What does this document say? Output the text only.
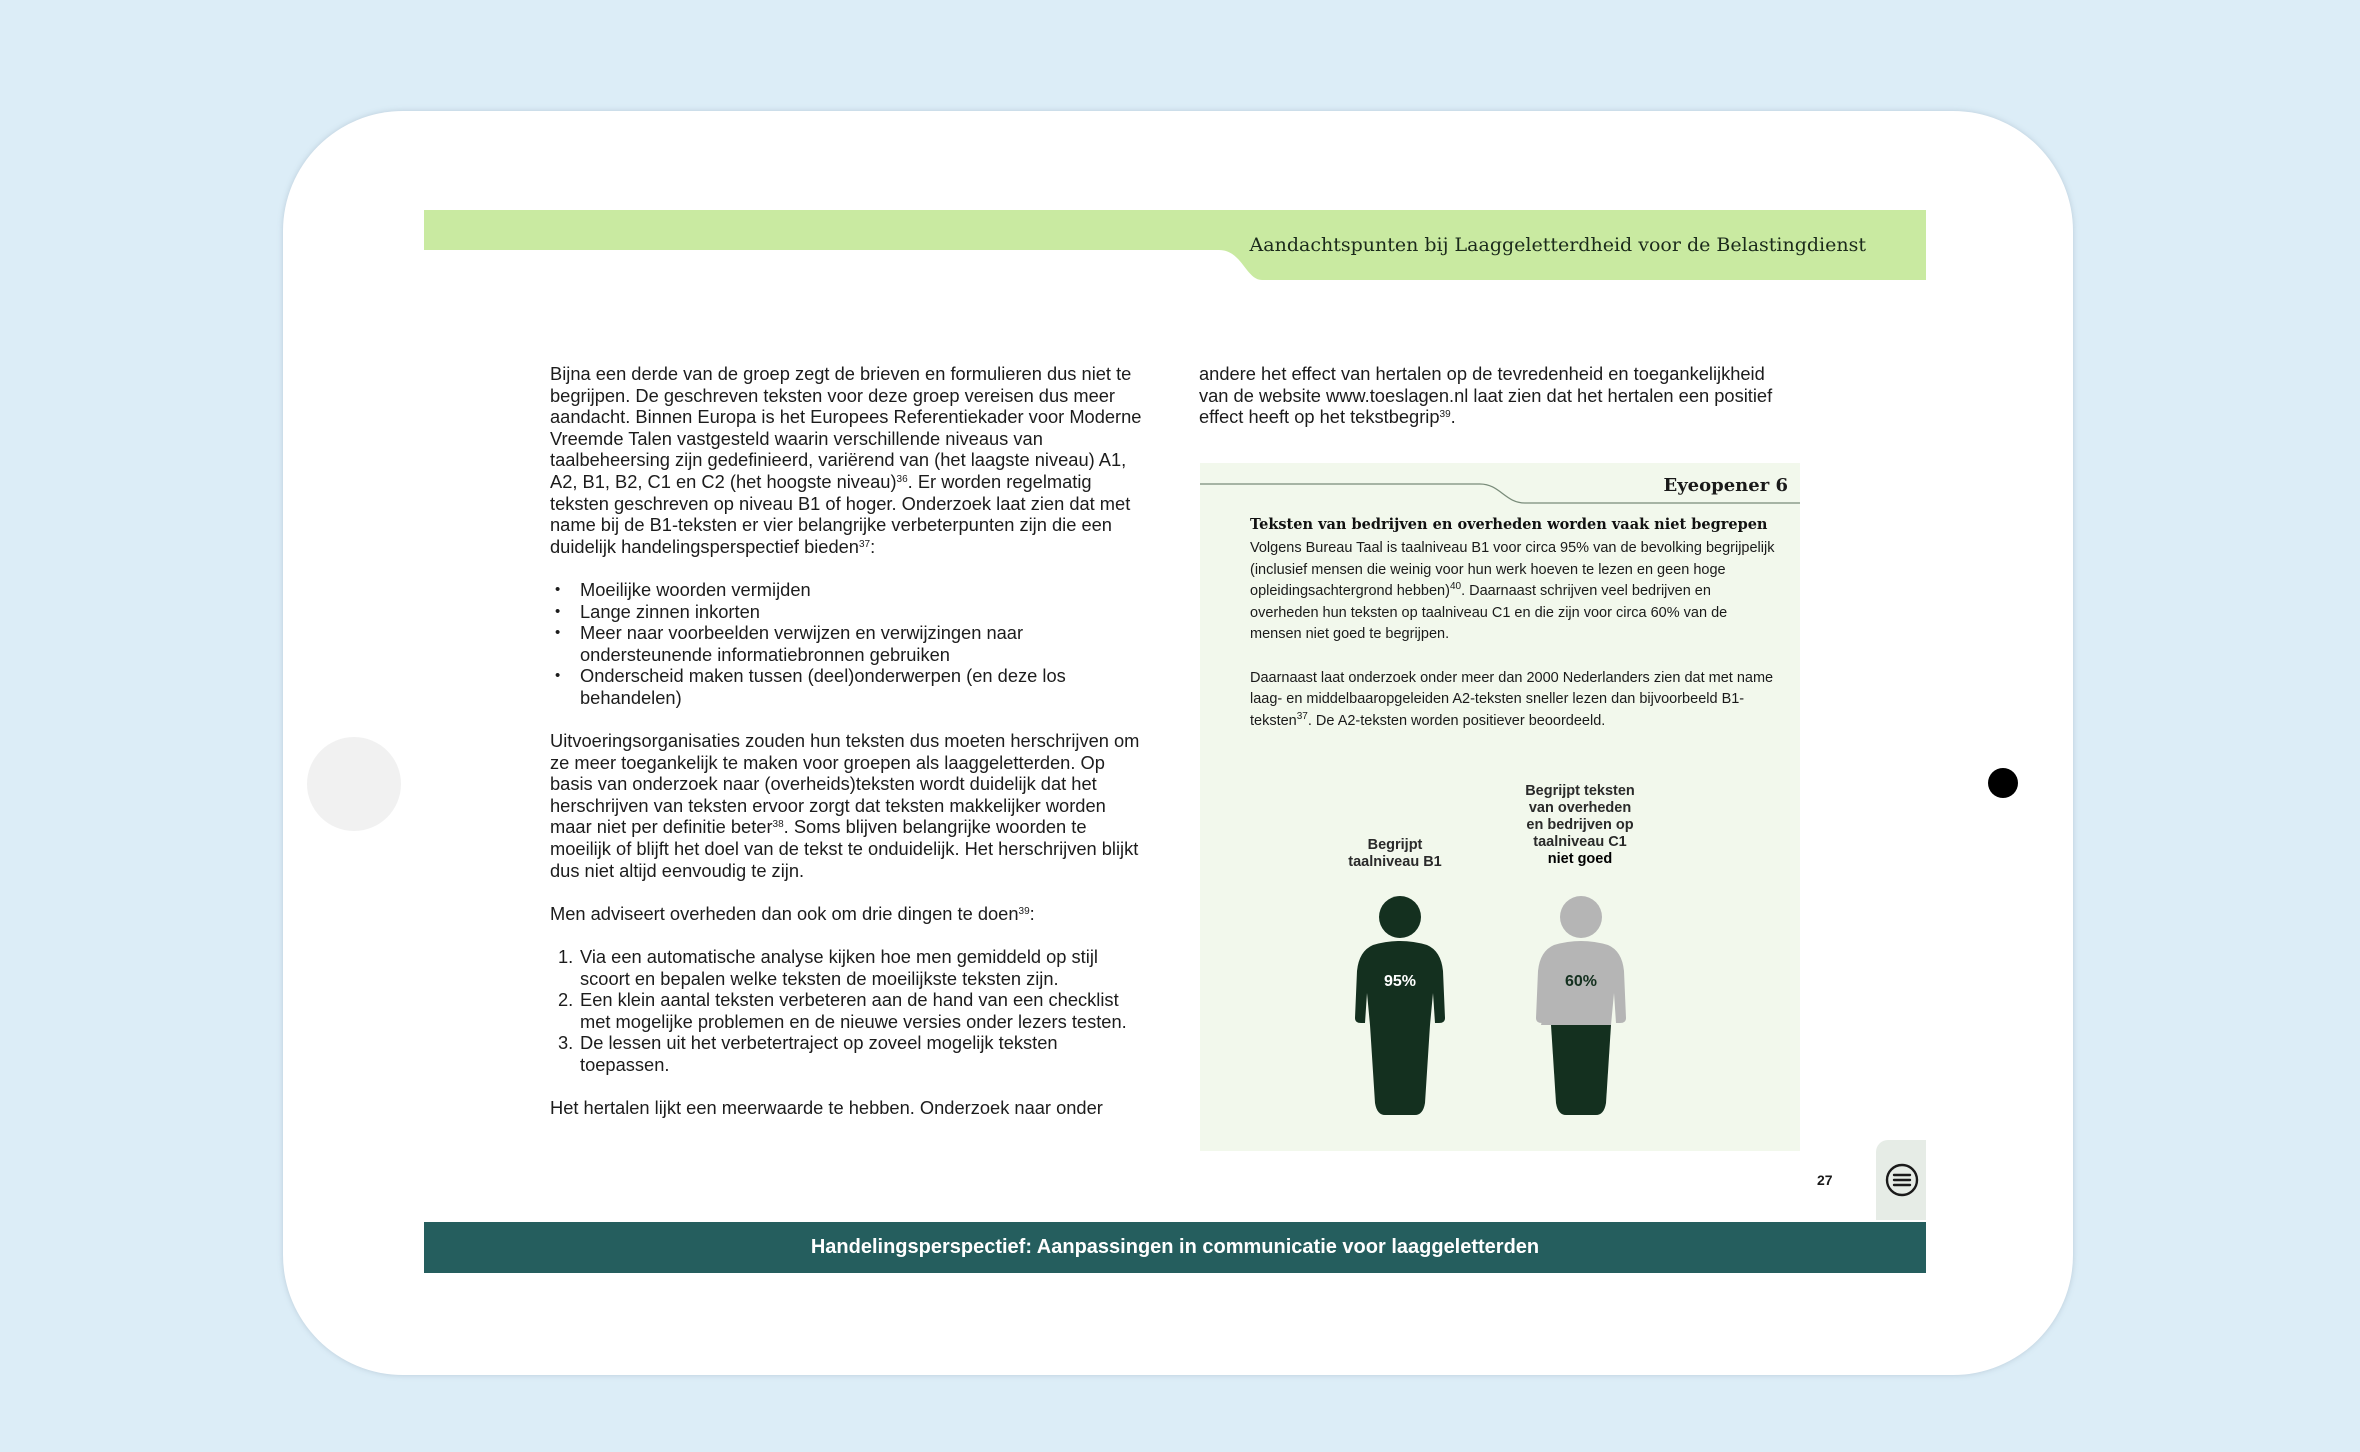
Aandachtspunten bij Laaggeletterdheid voor de Belastingdienst

Bijna een derde van de groep zegt de brieven en formulieren dus niet te begrijpen. De geschreven teksten voor deze groep vereisen dus meer aandacht. Binnen Europa is het Europees Referentiekader voor Moderne Vreemde Talen vastgesteld waarin verschillende niveaus van taalbeheersing zijn gedefinieerd, variërend van (het laagste niveau) A1, A2, B1, B2, C1 en C2 (het hoogste niveau)$^{36}$. Er worden regelmatig teksten geschreven op niveau B1 of hoger. Onderzoek laat zien dat met name bij de B1-teksten er vier belangrijke verbeterpunten zijn die een duidelijk handelingsperspectief bieden$^{37}$:

• Moeilijke woorden vermijden
• Lange zinnen inkorten
• Meer naar voorbeelden verwijzen en verwijzingen naar ondersteunende informatiebronnen gebruiken
• Onderscheid maken tussen (deel)onderwerpen (en deze los behandelen)

Uitvoeringsorganisaties zouden hun teksten dus moeten herschrijven om ze meer toegankelijk te maken voor groepen als laaggeletterden. Op basis van onderzoek naar (overheids)teksten wordt duidelijk dat het herschrijven van teksten ervoor zorgt dat teksten makkelijker worden maar niet per definitie beter$^{38}$. Soms blijven belangrijke woorden te moeilijk of blijft het doel van de tekst te onduidelijk. Het herschrijven blijkt dus niet altijd eenvoudig te zijn.

Men adviseert overheden dan ook om drie dingen te doen$^{39}$:

1. Via een automatische analyse kijken hoe men gemiddeld op stijl scoort en bepalen welke teksten de moeilijkste teksten zijn.
2. Een klein aantal teksten verbeteren aan de hand van een checklist met mogelijke problemen en de nieuwe versies onder lezers testen.
3. De lessen uit het verbetertraject op zoveel mogelijk teksten toepassen.

Het hertalen lijkt een meerwaarde te hebben. Onderzoek naar onder

andere het effect van hertalen op de tevredenheid en toegankelijkheid van de website www.toeslagen.nl laat zien dat het hertalen een positief effect heeft op het tekstbegrip$^{39}$.

Eyeopener 6
Teksten van bedrijven en overheden worden vaak niet begrepen

Volgens Bureau Taal is taalniveau B1 voor circa 95% van de bevolking begrijpelijk (inclusief mensen die weinig voor hun werk hoeven te lezen en geen hoge opleidingsachtergrond hebben)$^{40}$. Daarnaast schrijven veel bedrijven en overheden hun teksten op taalniveau C1 en die zijn voor circa 60% van de mensen niet goed te begrijpen.

Daarnaast laat onderzoek onder meer dan 2000 Nederlanders zien dat met name laag- en middelbaaropgeleiden A2-teksten sneller lezen dan bijvoorbeeld B1-teksten$^{37}$. De A2-teksten worden positiever beoordeeld.

Begrijpt
taalniveau B1
Begrijpt teksten
van overheden
en bedrijven op
taalniveau C1
niet goed
95%	60%
27
Handelingsperspectief: Aanpassingen in communicatie voor laaggeletterden
